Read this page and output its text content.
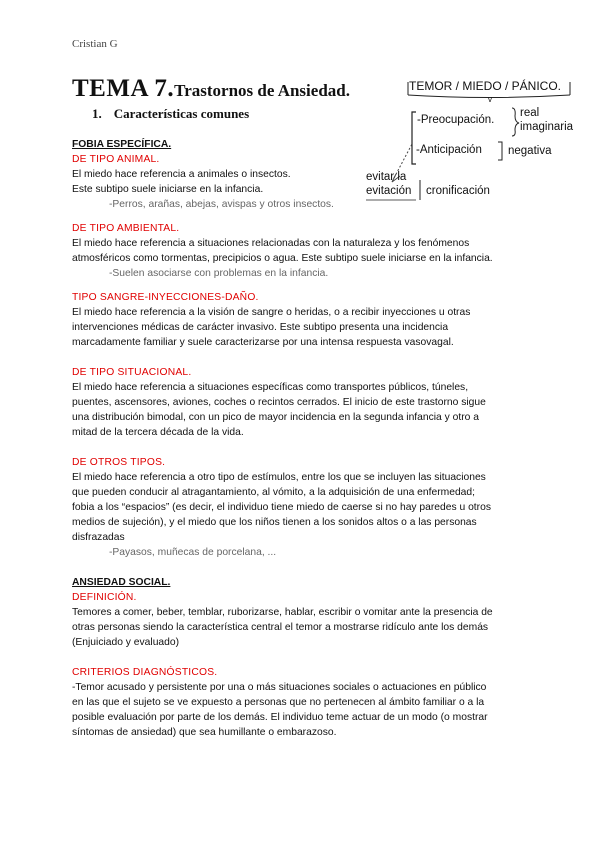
Cristian G
TEMA 7.Trastornos de Ansiedad.
1. Características comunes
TEMOR / MIEDO / PÁNICO.
v
-Preocupación.
real
imaginaria
-Anticipación negativa
evitar la
evitación cronificación
FOBIA ESPECÍFICA.
DE TIPO ANIMAL.

El miedo hace referencia a animales o insectos.

Este subtipo suele iniciarse en la infancia.

-Perros, arañas, abejas, avispas y otros insectos.

DE TIPO AMBIENTAL.

El miedo hace referencia a situaciones relacionadas con la naturaleza y los fenómenos

atmosféricos como tormentas, precipicios o agua. Este subtipo suele iniciarse en la infancia.

-Suelen asociarse con problemas en la infancia.

TIPO SANGRE-INYECCIONES-DAÑO.

El miedo hace referencia a la visión de sangre o heridas, o a recibir inyecciones u otras

intervenciones médicas de carácter invasivo. Este subtipo presenta una incidencia

marcadamente familiar y suele caracterizarse por una intensa respuesta vasovagal.

DE TIPO SITUACIONAL.

El miedo hace referencia a situaciones específicas como transportes públicos, túneles,

puentes, ascensores, aviones, coches o recintos cerrados. El inicio de este trastorno sigue

una distribución bimodal, con un pico de mayor incidencia en la segunda infancia y otro a

mitad de la tercera década de la vida.

DE OTROS TIPOS.

El miedo hace referencia a otro tipo de estímulos, entre los que se incluyen las situaciones

que pueden conducir al atragantamiento, al vómito, a la adquisición de una enfermedad;

fobia a los “espacios” (es decir, el individuo tiene miedo de caerse si no hay paredes u otros

medios de sujeción), y el miedo que los niños tienen a los sonidos altos o a las personas

disfrazadas

-Payasos, muñecas de porcelana, ...

ANSIEDAD SOCIAL.
DEFINICIÓN.

Temores a comer, beber, temblar, ruborizarse, hablar, escribir o vomitar ante la presencia de

otras personas siendo la característica central el temor a mostrarse ridículo ante los demás

(Enjuiciado y evaluado)

CRITERIOS DIAGNÓSTICOS.

-Temor acusado y persistente por una o más situaciones sociales o actuaciones en público

en las que el sujeto se ve expuesto a personas que no pertenecen al ámbito familiar o a la

posible evaluación por parte de los demás. El individuo teme actuar de un modo (o mostrar

síntomas de ansiedad) que sea humillante o embarazoso.
